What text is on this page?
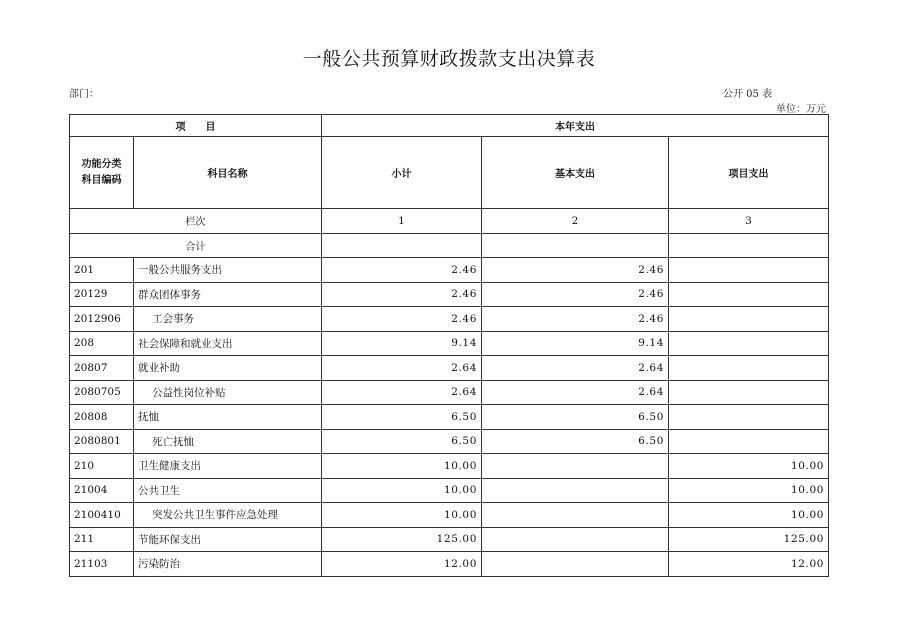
一般公共预算财政拨款支出决算表
部门：	公开 05 表
单位：万元
项　　目		本年支出		
功能分类
科目编码	科目名称	小计	基本支出	项目支出
栏次		1	2	3
合计				
201	一般公共服务支出	2.46	2.46	
20129	群众团体事务	2.46	2.46	
2012906	工会事务	2.46	2.46	
208	社会保障和就业支出	9.14	9.14	
20807	就业补助	2.64	2.64	
2080705	公益性岗位补贴	2.64	2.64	
20808	抚恤	6.50	6.50	
2080801	死亡抚恤	6.50	6.50	
210	卫生健康支出	10.00		10.00
21004	公共卫生	10.00		10.00
2100410	突发公共卫生事件应急处理	10.00		10.00
211	节能环保支出	125.00		125.00
21103	污染防治	12.00		12.00
